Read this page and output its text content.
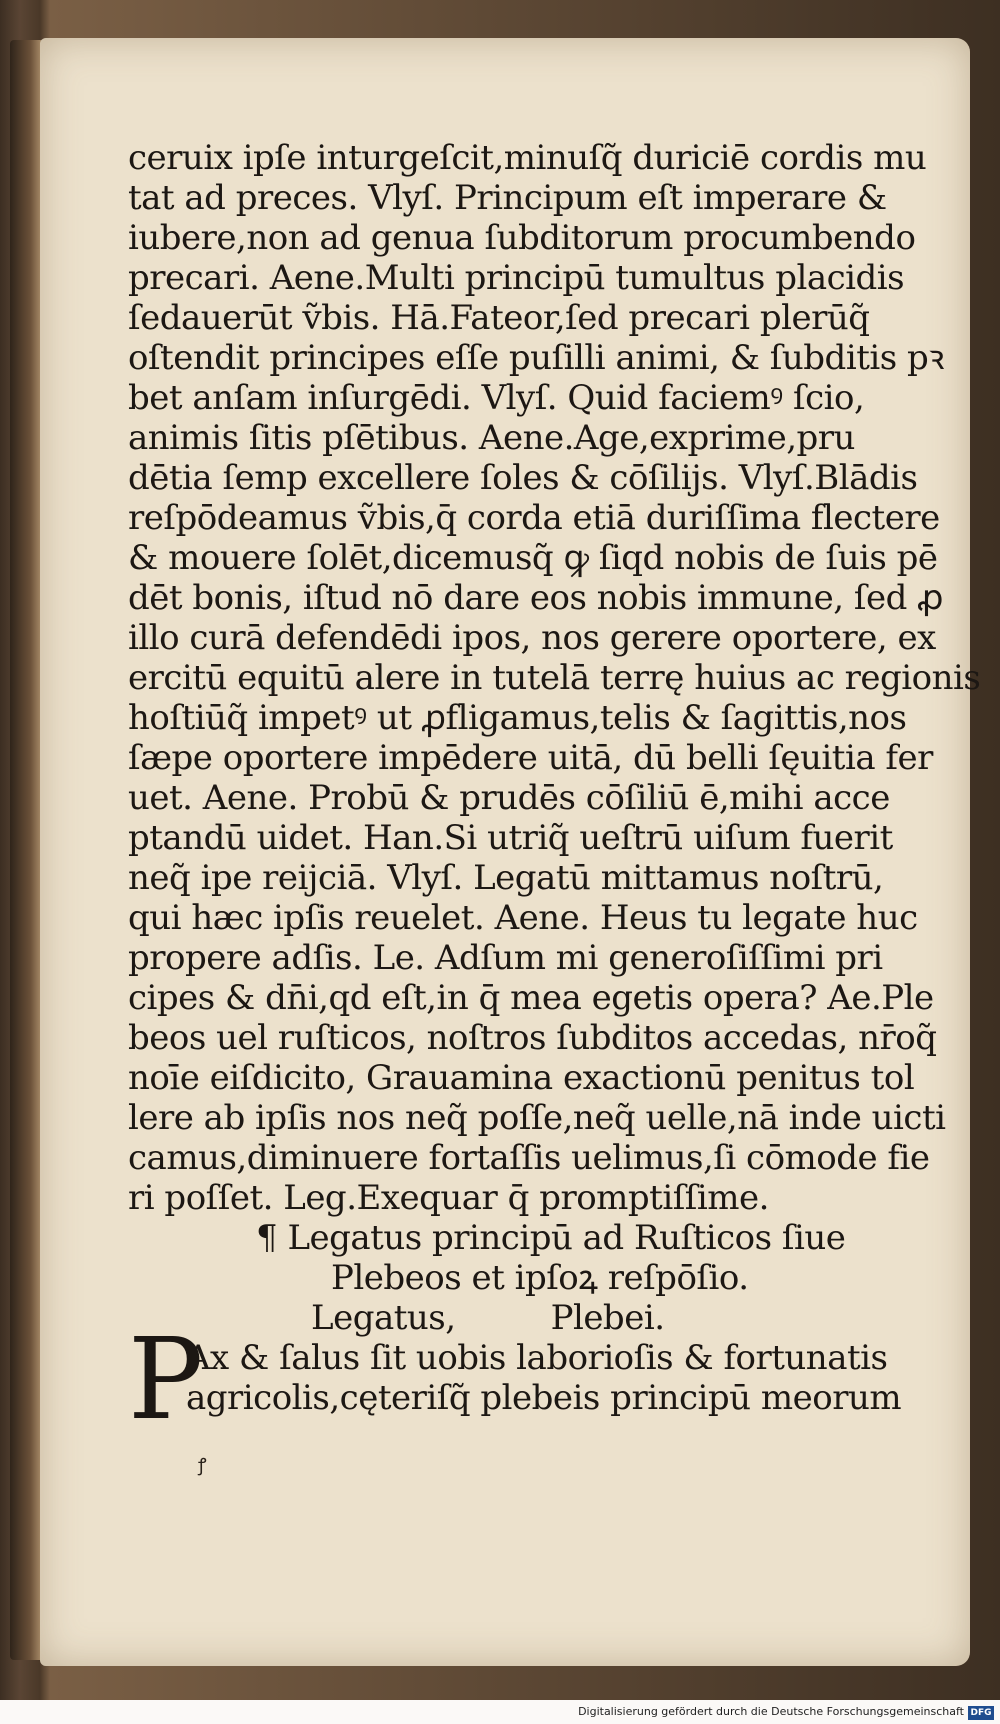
ceruix ipſe inturgeſcit,minuſq̃ duriciē cordis mu
tat ad preces. Vlyſ. Principum eſt imperare &
iubere,non ad genua ſubditorum procumbendo
precari. Aene.Multi principū tumultus placidis
ſedauerūt ṽbis. Hā.Fateor,ſed precari plerūq̃
oſtendit principes eſſe puſilli animi, & ſubditis pꝛ
bet anſam inſurgēdi. Vlyſ. Quid faciemꝰ ſcio,
animis ſitis pſētibus. Aene.Age,exprime,pru
dētia ſemp excellere ſoles & cōſilijs. Vlyſ.Blādis
reſpōdeamus ṽbis,q̄ corda etiā duriſſima flectere
& mouere ſolēt,dicemusq̃ ꝙ ſiqd nobis de ſuis pē
dēt bonis, iſtud nō dare eos nobis immune, ſed ꝓ
illo curā defendēdi ipos, nos gerere oportere, ex
ercitū equitū alere in tutelā terrę huius ac regionis
hoſtiūq̃ impetꝰ ut ꝓfligamus,telis & ſagittis,nos
ſæpe oportere impēdere uitā, dū belli ſęuitia fer
uet. Aene. Probū & prudēs cōſiliū ē,mihi acce
ptandū uidet. Han.Si utriq̃ ueſtrū uiſum fuerit
neq̃ ipe reijciā. Vlyſ. Legatū mittamus noſtrū,
qui hæc ipſis reuelet. Aene. Heus tu legate huc
propere adſis. Le. Adſum mi generoſiſſimi pri
cipes & dn̄i,qd eſt,in q̄ mea egetis opera? Ae.Ple
beos uel ruſticos, noſtros ſubditos accedas, nr̄oq̃
noīe eiſdicito, Grauamina exactionū penitus tol
lere ab ipſis nos neq̃ poſſe,neq̃ uelle,nā inde uicti
camus,diminuere fortaſſis uelimus,ſi cōmode fie
ri poſſet. Leg.Exequar q̄ promptiſſime.
¶ Legatus principū ad Ruſticos ſiue
Plebeos et ipſoꝝ reſpōſio.
Legatus,	Plebei.
P
Ax & ſalus ſit uobis laborioſis & fortunatis
agricolis,cęteriſq̃ plebeis principū meorum
ꝭ
Digitalisierung gefördert durch die Deutsche Forschungsgemeinschaft DFG
